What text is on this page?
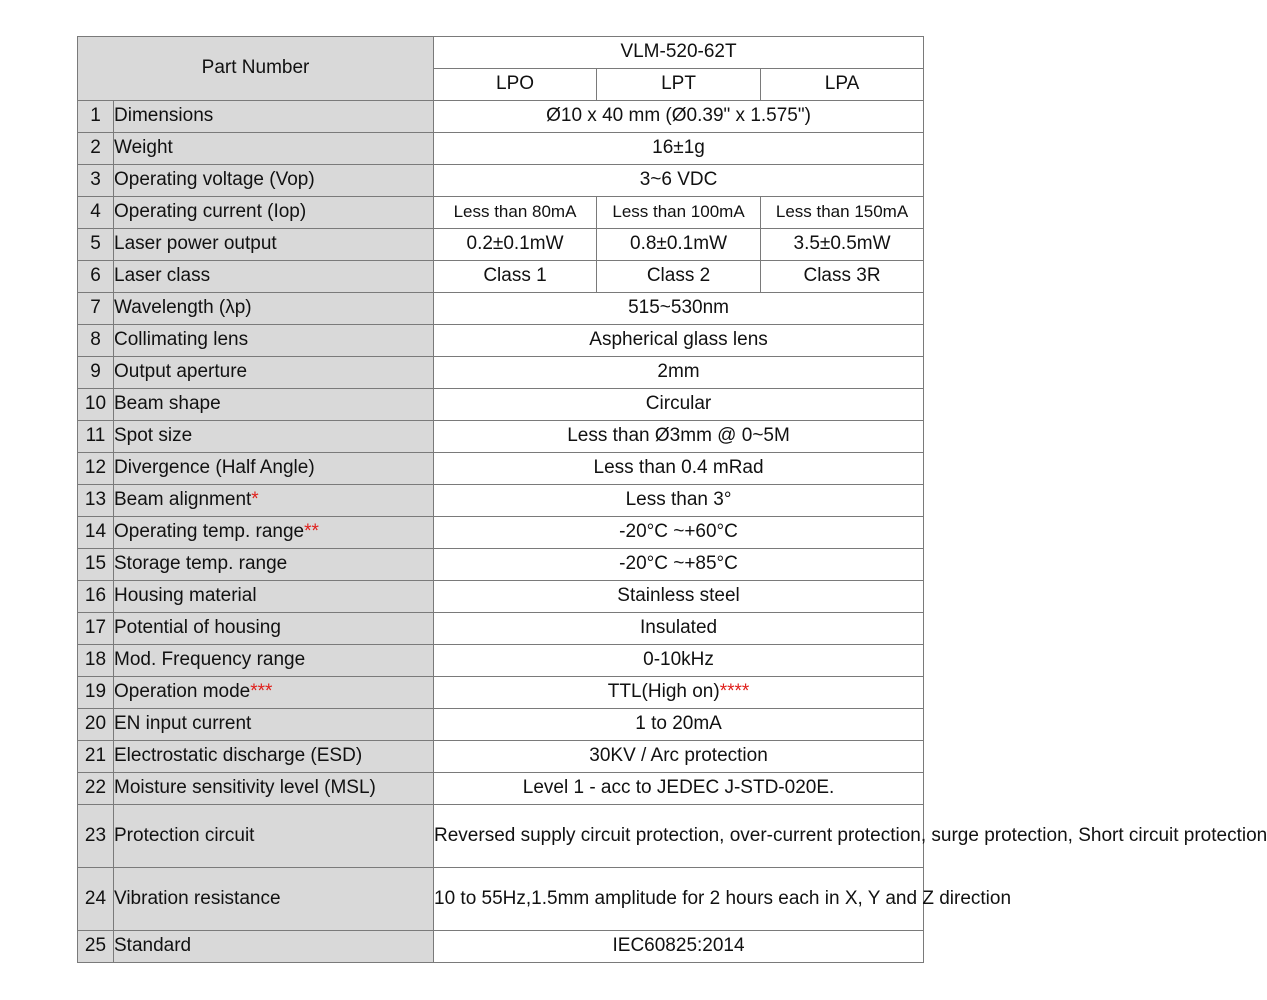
Part Number		VLM-520-62T		
		LPO	LPT	LPA
1	Dimensions	Ø10 x 40 mm (Ø0.39" x 1.575")		
2	Weight	16±1g		
3	Operating voltage (Vop)	3~6 VDC		
4	Operating current (Iop)	Less than 80mA	Less than 100mA	Less than 150mA
5	Laser power output	0.2±0.1mW	0.8±0.1mW	3.5±0.5mW
6	Laser class	Class 1	Class 2	Class 3R
7	Wavelength (λp)	515~530nm		
8	Collimating lens	Aspherical glass lens		
9	Output aperture	2mm		
10	Beam shape	Circular		
11	Spot size	Less than Ø3mm @ 0~5M		
12	Divergence (Half Angle)	Less than 0.4 mRad		
13	Beam alignment*	Less than 3°		
14	Operating temp. range**	-20°C ~+60°C		
15	Storage temp. range	-20°C ~+85°C		
16	Housing material	Stainless steel		
17	Potential of housing	Insulated		
18	Mod. Frequency range	0-10kHz		
19	Operation mode***	TTL(High on)****		
20	EN input current	1 to 20mA		
21	Electrostatic discharge (ESD)	30KV / Arc protection		
22	Moisture sensitivity level (MSL)	Level 1 - acc to JEDEC J-STD-020E.		
23	Protection circuit	Reversed supply circuit protection, over-current protection, surge protection, Short circuit protection		
24	Vibration resistance	10 to 55Hz,1.5mm amplitude for 2 hours each in X, Y and Z direction		
25	Standard	IEC60825:2014		
